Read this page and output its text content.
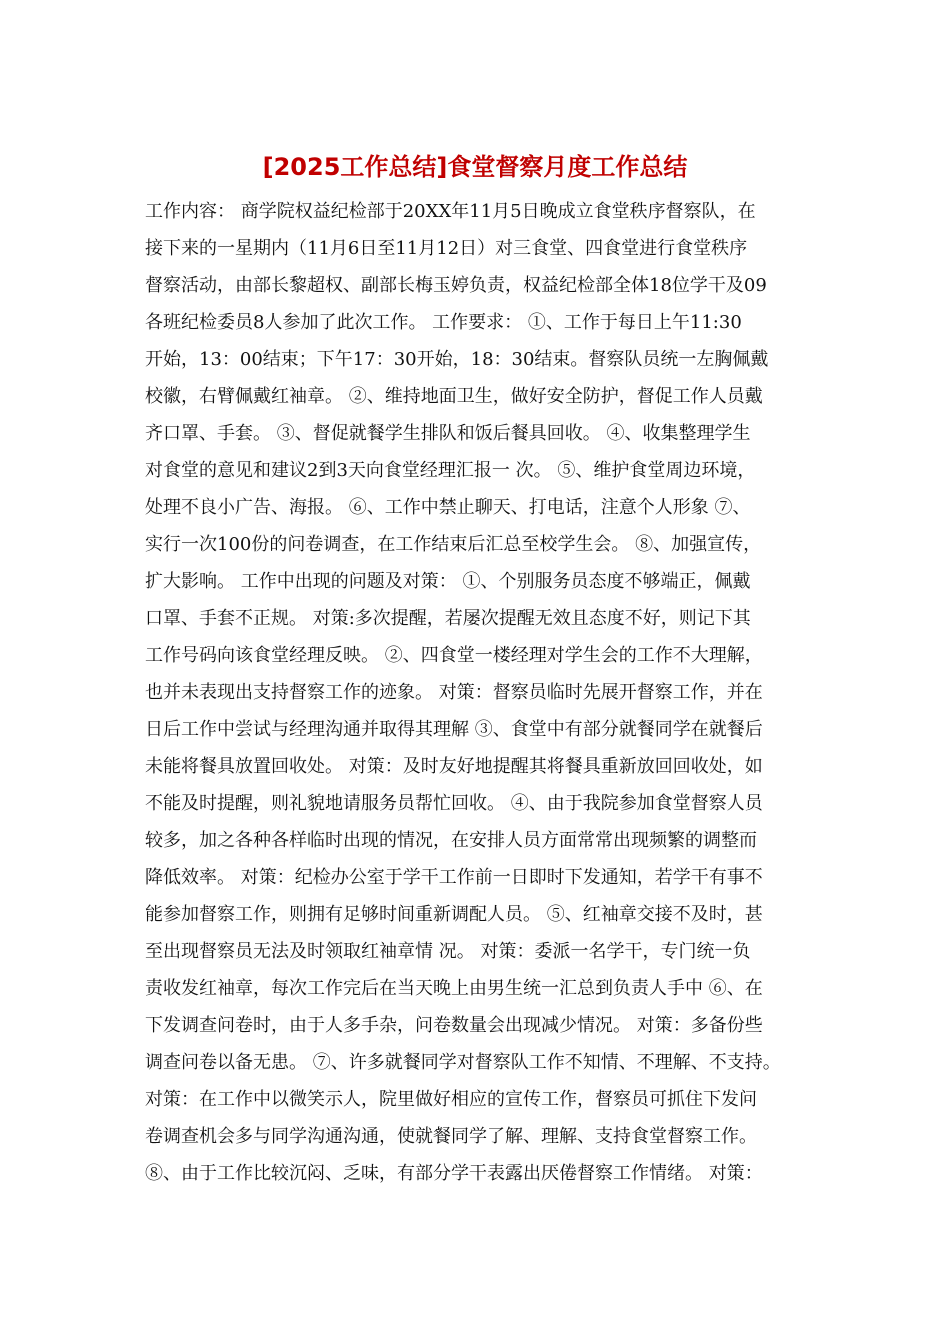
[2025工作总结]食堂督察月度工作总结
工作内容： 商学院权益纪检部于20XX年11月5日晚成立食堂秩序督察队，在
接下来的一星期内（11月6日至11月12日）对三食堂、四食堂进行食堂秩序
督察活动，由部长黎超权、副部长梅玉婷负责，权益纪检部全体18位学干及09
各班纪检委员8人参加了此次工作。 工作要求： ①、工作于每日上午11:30
开始，13：00结束；下午17：30开始，18：30结束。督察队员统一左胸佩戴
校徽，右臂佩戴红袖章。 ②、维持地面卫生，做好安全防护，督促工作人员戴
齐口罩、手套。 ③、督促就餐学生排队和饭后餐具回收。 ④、收集整理学生
对食堂的意见和建议2到3天向食堂经理汇报一 次。 ⑤、维护食堂周边环境，
处理不良小广告、海报。 ⑥、工作中禁止聊天、打电话，注意个人形象 ⑦、
实行一次100份的问卷调查，在工作结束后汇总至校学生会。 ⑧、加强宣传，
扩大影响。 工作中出现的问题及对策： ①、个别服务员态度不够端正，佩戴
口罩、手套不正规。 对策:多次提醒，若屡次提醒无效且态度不好，则记下其
工作号码向该食堂经理反映。 ②、四食堂一楼经理对学生会的工作不大理解，
也并未表现出支持督察工作的迹象。 对策：督察员临时先展开督察工作，并在
日后工作中尝试与经理沟通并取得其理解 ③、食堂中有部分就餐同学在就餐后
未能将餐具放置回收处。 对策：及时友好地提醒其将餐具重新放回回收处，如
不能及时提醒，则礼貌地请服务员帮忙回收。 ④、由于我院参加食堂督察人员
较多，加之各种各样临时出现的情况，在安排人员方面常常出现频繁的调整而
降低效率。 对策：纪检办公室于学干工作前一日即时下发通知，若学干有事不
能参加督察工作，则拥有足够时间重新调配人员。 ⑤、红袖章交接不及时，甚
至出现督察员无法及时领取红袖章情 况。 对策：委派一名学干，专门统一负
责收发红袖章，每次工作完后在当天晚上由男生统一汇总到负责人手中 ⑥、在
下发调查问卷时，由于人多手杂，问卷数量会出现减少情况。 对策：多备份些
调查问卷以备无患。 ⑦、许多就餐同学对督察队工作不知情、不理解、不支持。
对策：在工作中以微笑示人，院里做好相应的宣传工作，督察员可抓住下发问
卷调查机会多与同学沟通沟通，使就餐同学了解、理解、支持食堂督察工作。
⑧、由于工作比较沉闷、乏味，有部分学干表露出厌倦督察工作情绪。 对策：
